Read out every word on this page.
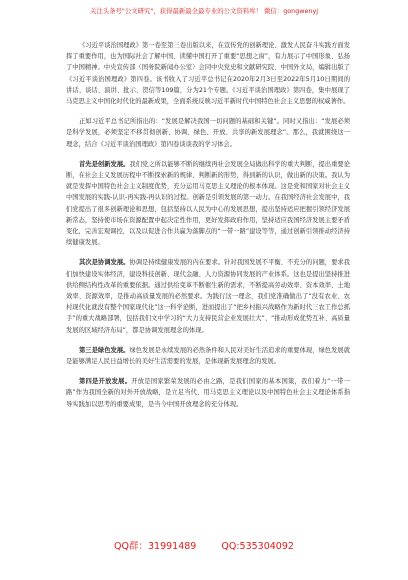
关注头条号"公文研究"，获得最新最全最专业的公文资料库！ 微信：gongwenyj

《习近平谈治国理政》第一卷至第三卷出版以来，在宣传党的创新理论、激发人民奋斗实践方面发挥了重要作用，也为国际社会了解中国、读懂中国打开了重要“思想之窗”，有力展示了中国形象、弘扬了中国精神。中央宣传部（国务院新闻办公室）会同中央党史和文献研究院、中国外文局，编辑出版了《习近平谈治国理政》第四卷。该书收入了习近平总书记在2020年2月3日至2022年5月10日期间的讲话、谈话、演讲、批示、贺信等109篇，分为21个专题。《习近平谈治国理政》第四卷，集中展现了马克思主义中国化时代化的最新成果，全面系统反映习近平新时代中国特色社会主义思想的权威著作。

正如习近平总书记所指出的：“发展是解决我国一切问题的基础和关键”。同时又指出：“发展必须是科学发展，必须坚定不移贯彻创新、协调、绿色、开放、共享的新发展理念”。那么，我就围绕这一理念，结合《习近平谈治国理政》第四卷谈谈我的学习体会。

首先是创新发展。我们党之所以能够不断的继续再社会发展全局做出科学的重大判断，提出重要论断，在社会主义发展历程中不断探索新的规律、判断新的形势，得到新的认识，做出新的决策。我认为就是发挥中国特色社会主义制度优势，充分运用马克思主义理论的根本体现。这是党和国家对社会主义中国发展的实践-认识-再实践-再认识的过程。创新是引领发展的第一动力。在我国经济社会发展中，我们党提出了很多创新理论和思想，包括坚持以人民为中心的发展思想，提出坚持适应把握引领经济发展新常态，坚持使市场在资源配置中起决定性作用，更好发挥政府作用，坚持适应我国经济发展主要矛盾变化，完善宏观调控，以及以促进合作共赢为落脚点的“一带一路”建设等等，通过创新引领推动经济持续健康发展。

其次是协调发展。协调是持续健康发展的内在要求。针对我国发展不平衡、不充分的问题，要求我们加快建设实体经济，建设科技创新、现代金融、人力资源协同发展的产业体系。这也是提出坚持推进供给侧结构性改革的重要依据。通过供给变革不断催生新的需求，不断提高劳动效率、资本效率、土地效率、资源效率，是推动高质量发展的必然要求。为践行这一理念，我们党准确做出了“没有农业、农村现代化就没有整个国家现代化”这一科学论断，进而提出了“把乡村振兴战略作为新时代三农工作总抓手”的重大战略部署，包括我们文中学习的“大力支持民营企业发展壮大”、“推动形成优势互补、高质量发展的区域经济布局”，都是协调发展理念的体现。

第三是绿色发展。绿色发展是永续发展的必然条件和人民对美好生活追求的重要体现，绿色发展就是能够满足人民日益增长的美好生活需要的发展，是体现新发展理念的发展。

第四是开放发展。开放是国家繁荣发展的必由之路，是我们国家的基本国策，我们着力“一带一路”作为我国全新的对外开放战略，是立足当代、用马克思主义理论以及中国特色社会主义理论体系指导实践加以思考的重要成果，是当今中国开放理念的充分体现。

QQ群：31991489	QQ:535304092
